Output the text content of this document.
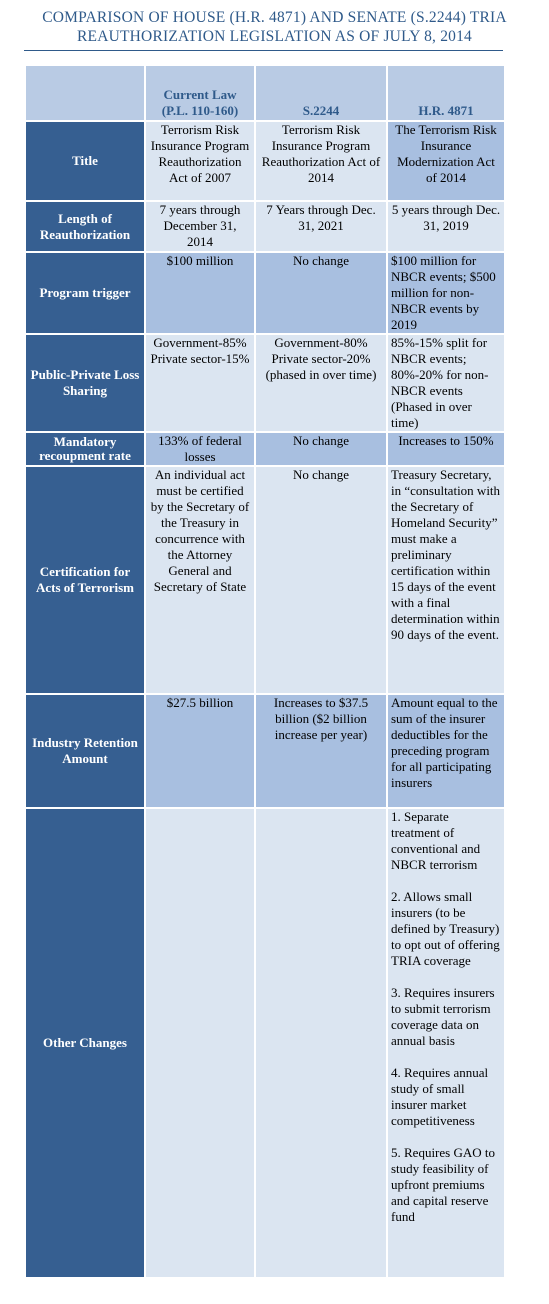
COMPARISON OF HOUSE (H.R. 4871) AND SENATE (S.2244) TRIA
REAUTHORIZATION LEGISLATION AS OF JULY 8, 2014
	Current Law (P.L. 110-160)	S.2244	H.R. 4871
Title	Terrorism Risk Insurance Program Reauthorization Act of 2007	Terrorism Risk Insurance Program Reauthorization Act of 2014	The Terrorism Risk Insurance Modernization Act of 2014
Length of Reauthorization	7 years through December 31, 2014	7 Years through Dec. 31, 2021	5 years through Dec. 31, 2019
Program trigger	$100 million	No change	$100 million for NBCR events; $500 million for non-NBCR events by 2019
Public-Private Loss Sharing	Government-85% Private sector-15%	Government-80% Private sector-20% (phased in over time)	85%-15% split for NBCR events; 80%-20% for non-NBCR events (Phased in over time)
Mandatory recoupment rate	133% of federal losses	No change	Increases to 150%
Certification for Acts of Terrorism	An individual act must be certified by the Secretary of the Treasury in concurrence with the Attorney General and Secretary of State	No change	Treasury Secretary, in “consultation with the Secretary of Homeland Security” must make a preliminary certification within 15 days of the event with a final determination within 90 days of the event.
Industry Retention Amount	$27.5 billion	Increases to $37.5 billion ($2 billion increase per year)	Amount equal to the sum of the insurer deductibles for the preceding program for all participating insurers
Other Changes			1. Separate treatment of conventional and NBCR terrorism
2. Allows small insurers (to be defined by Treasury) to opt out of offering TRIA coverage
3. Requires insurers to submit terrorism coverage data on annual basis
4. Requires annual study of small insurer market competitiveness
5. Requires GAO to study feasibility of upfront premiums and capital reserve fund
